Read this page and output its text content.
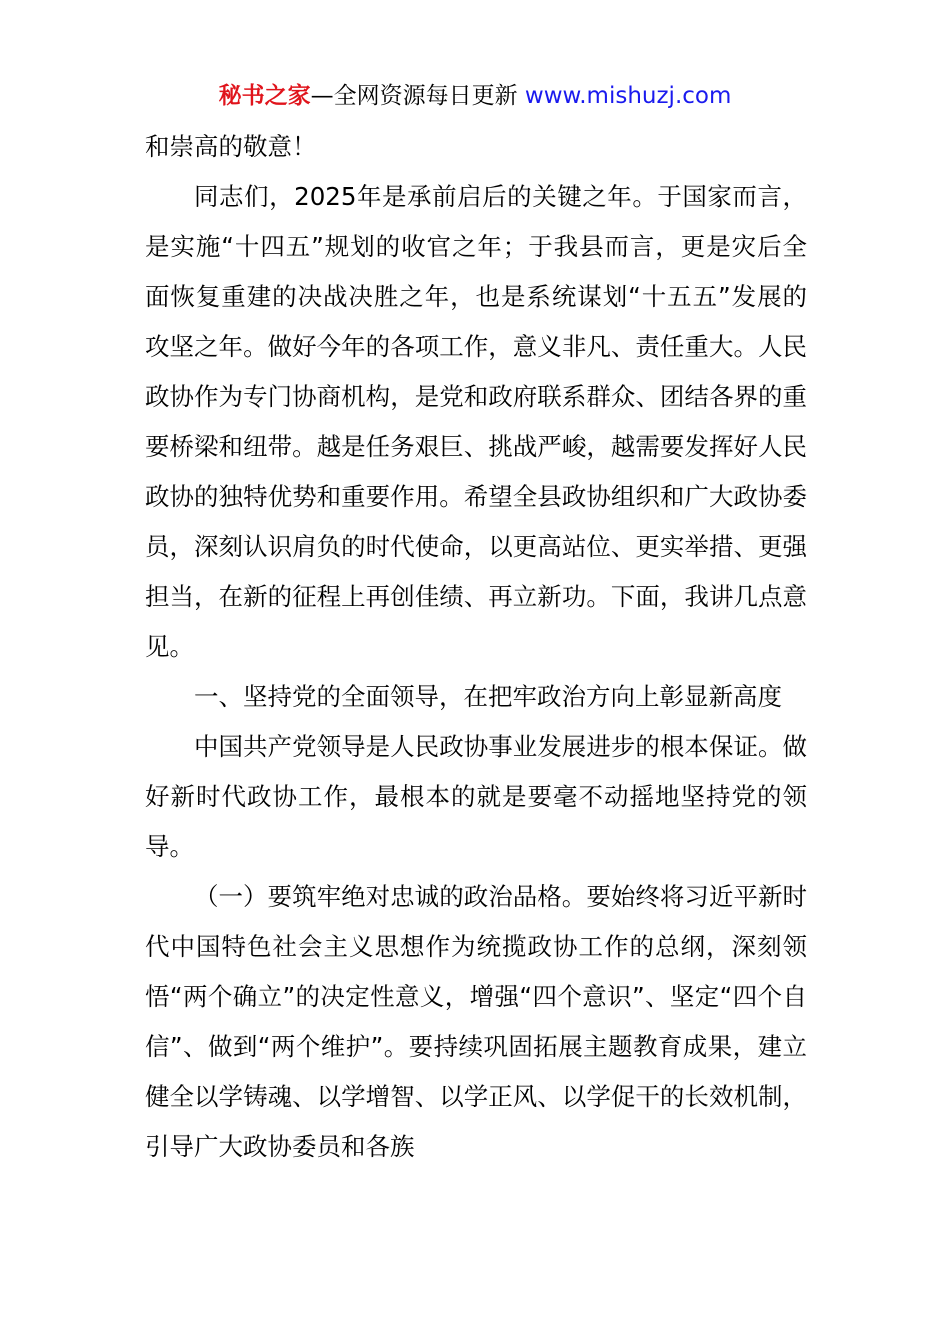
秘书之家—全网资源每日更新 www.mishuzj.com

和崇高的敬意！

同志们，2025年是承前启后的关键之年。于国家而言，是实施“十四五”规划的收官之年；于我县而言，更是灾后全面恢复重建的决战决胜之年，也是系统谋划“十五五”发展的攻坚之年。做好今年的各项工作，意义非凡、责任重大。人民政协作为专门协商机构，是党和政府联系群众、团结各界的重要桥梁和纽带。越是任务艰巨、挑战严峻，越需要发挥好人民政协的独特优势和重要作用。希望全县政协组织和广大政协委员，深刻认识肩负的时代使命，以更高站位、更实举措、更强担当，在新的征程上再创佳绩、再立新功。下面，我讲几点意见。

一、坚持党的全面领导，在把牢政治方向上彰显新高度

中国共产党领导是人民政协事业发展进步的根本保证。做好新时代政协工作，最根本的就是要毫不动摇地坚持党的领导。

（一）要筑牢绝对忠诚的政治品格。要始终将习近平新时代中国特色社会主义思想作为统揽政协工作的总纲，深刻领悟“两个确立”的决定性意义，增强“四个意识”、坚定“四个自信”、做到“两个维护”。要持续巩固拓展主题教育成果，建立健全以学铸魂、以学增智、以学正风、以学促干的长效机制，引导广大政协委员和各族
